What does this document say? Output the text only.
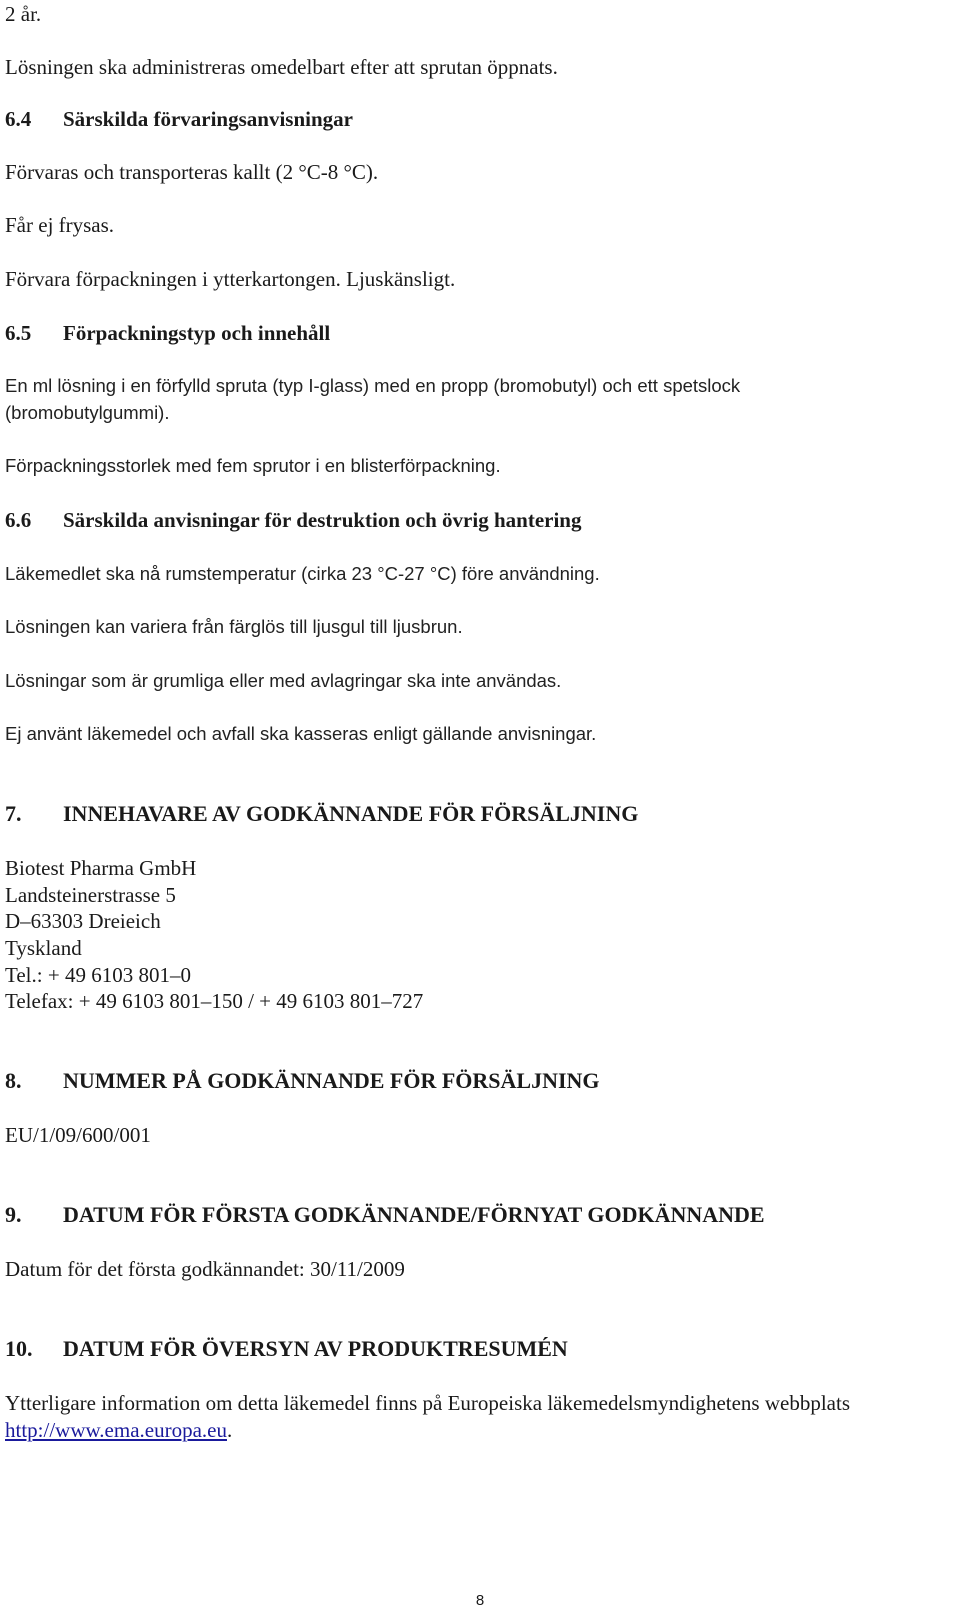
2 år.

Lösningen ska administreras omedelbart efter att sprutan öppnats.

6.4 Särskilda förvaringsanvisningar

Förvaras och transporteras kallt (2 °C-8 °C).

Får ej frysas.

Förvara förpackningen i ytterkartongen. Ljuskänsligt.

6.5 Förpackningstyp och innehåll

En ml lösning i en förfylld spruta (typ I-glass) med en propp (bromobutyl) och ett spetslock

(bromobutylgummi).

Förpackningsstorlek med fem sprutor i en blisterförpackning.

6.6 Särskilda anvisningar för destruktion och övrig hantering

Läkemedlet ska nå rumstemperatur (cirka 23 °C-27 °C) före användning.

Lösningen kan variera från färglös till ljusgul till ljusbrun.

Lösningar som är grumliga eller med avlagringar ska inte användas.

Ej använt läkemedel och avfall ska kasseras enligt gällande anvisningar.

7. INNEHAVARE AV GODKÄNNANDE FÖR FÖRSÄLJNING

Biotest Pharma GmbH

Landsteinerstrasse 5

D–63303 Dreieich

Tyskland

Tel.: + 49 6103 801–0

Telefax: + 49 6103 801–150 / + 49 6103 801–727

8. NUMMER PÅ GODKÄNNANDE FÖR FÖRSÄLJNING

EU/1/09/600/001

9. DATUM FÖR FÖRSTA GODKÄNNANDE/FÖRNYAT GODKÄNNANDE

Datum för det första godkännandet: 30/11/2009

10. DATUM FÖR ÖVERSYN AV PRODUKTRESUMÉN

Ytterligare information om detta läkemedel finns på Europeiska läkemedelsmyndighetens webbplats

http://www.ema.europa.eu.

8
